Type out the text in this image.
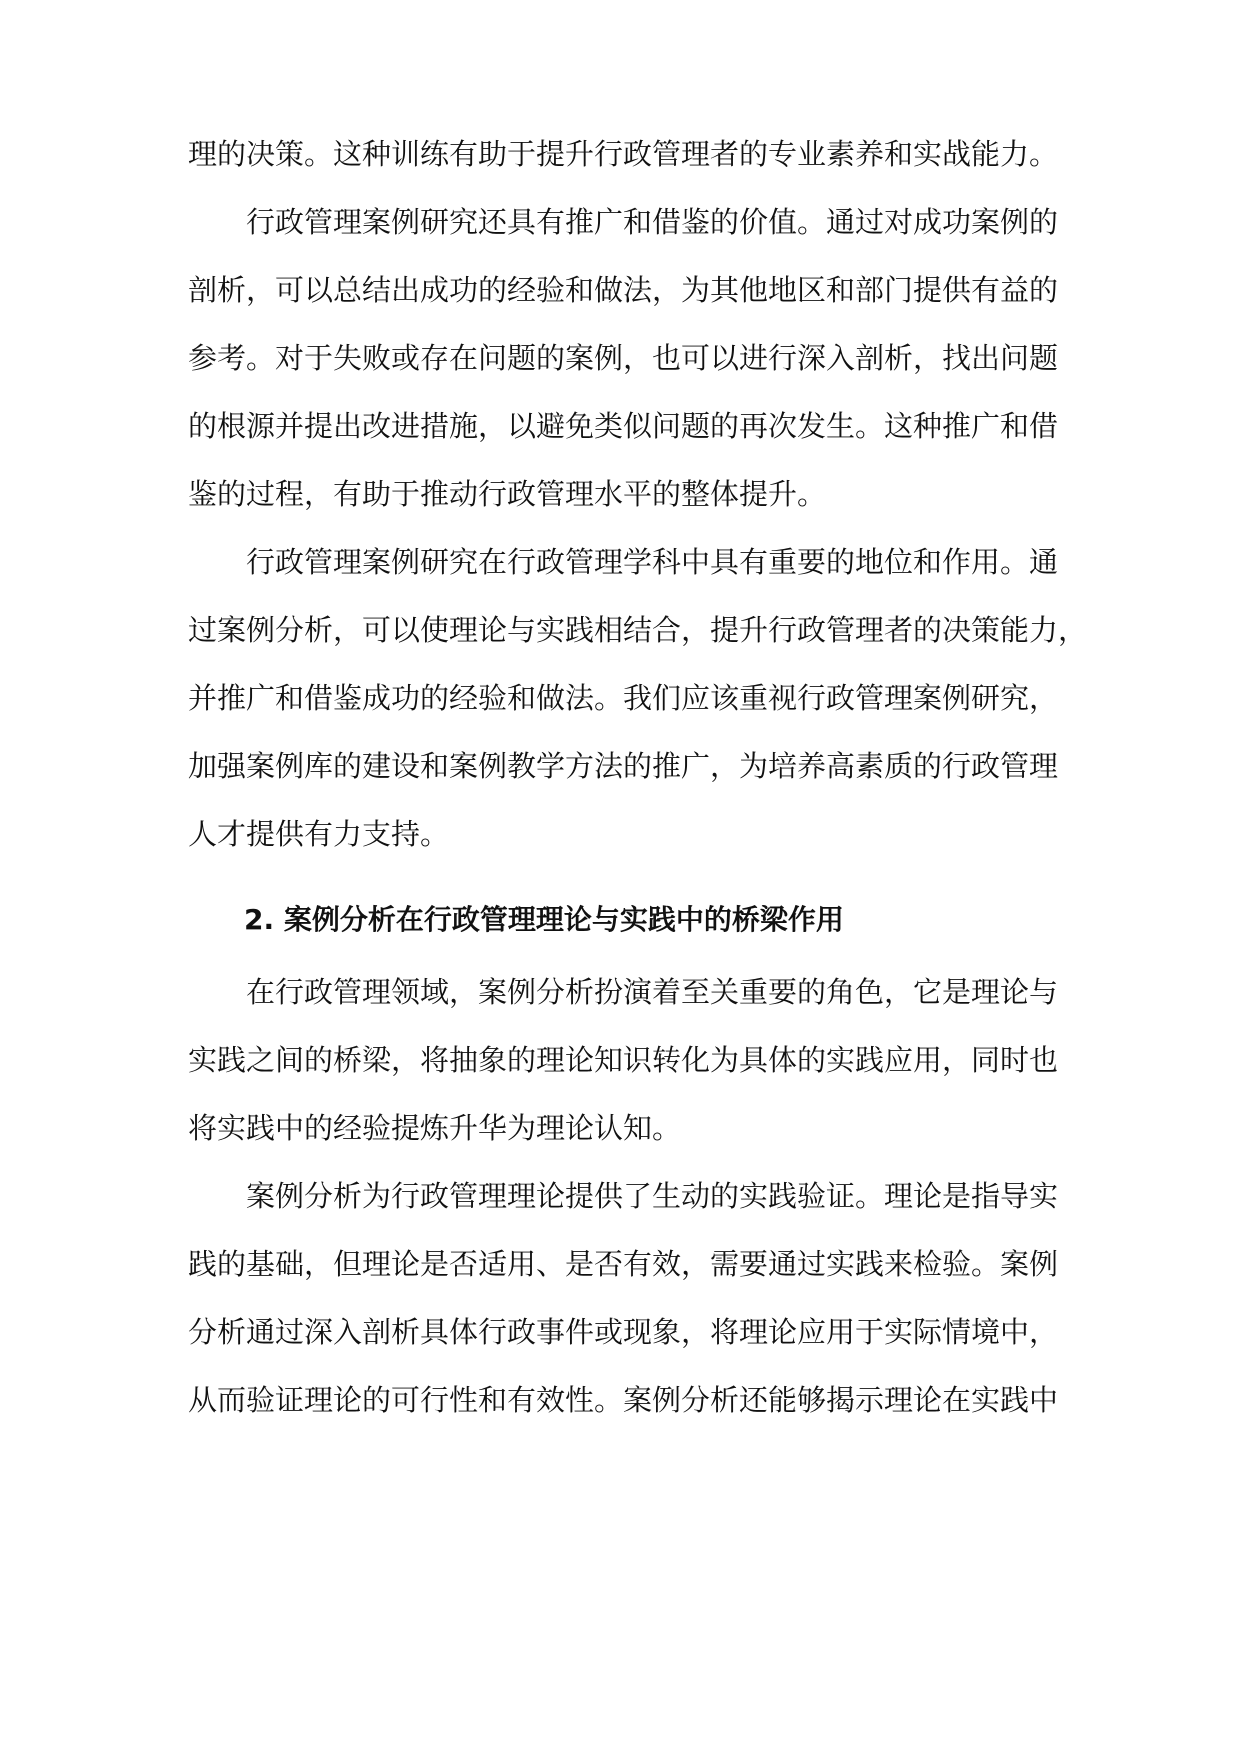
理的决策。这种训练有助于提升行政管理者的专业素养和实战能力。
行政管理案例研究还具有推广和借鉴的价值。通过对成功案例的
剖析，可以总结出成功的经验和做法，为其他地区和部门提供有益的
参考。对于失败或存在问题的案例，也可以进行深入剖析，找出问题
的根源并提出改进措施，以避免类似问题的再次发生。这种推广和借
鉴的过程，有助于推动行政管理水平的整体提升。
行政管理案例研究在行政管理学科中具有重要的地位和作用。通
过案例分析，可以使理论与实践相结合，提升行政管理者的决策能力，
并推广和借鉴成功的经验和做法。我们应该重视行政管理案例研究，
加强案例库的建设和案例教学方法的推广，为培养高素质的行政管理
人才提供有力支持。
2. 案例分析在行政管理理论与实践中的桥梁作用
在行政管理领域，案例分析扮演着至关重要的角色，它是理论与
实践之间的桥梁，将抽象的理论知识转化为具体的实践应用，同时也
将实践中的经验提炼升华为理论认知。
案例分析为行政管理理论提供了生动的实践验证。理论是指导实
践的基础，但理论是否适用、是否有效，需要通过实践来检验。案例
分析通过深入剖析具体行政事件或现象，将理论应用于实际情境中，
从而验证理论的可行性和有效性。案例分析还能够揭示理论在实践中
